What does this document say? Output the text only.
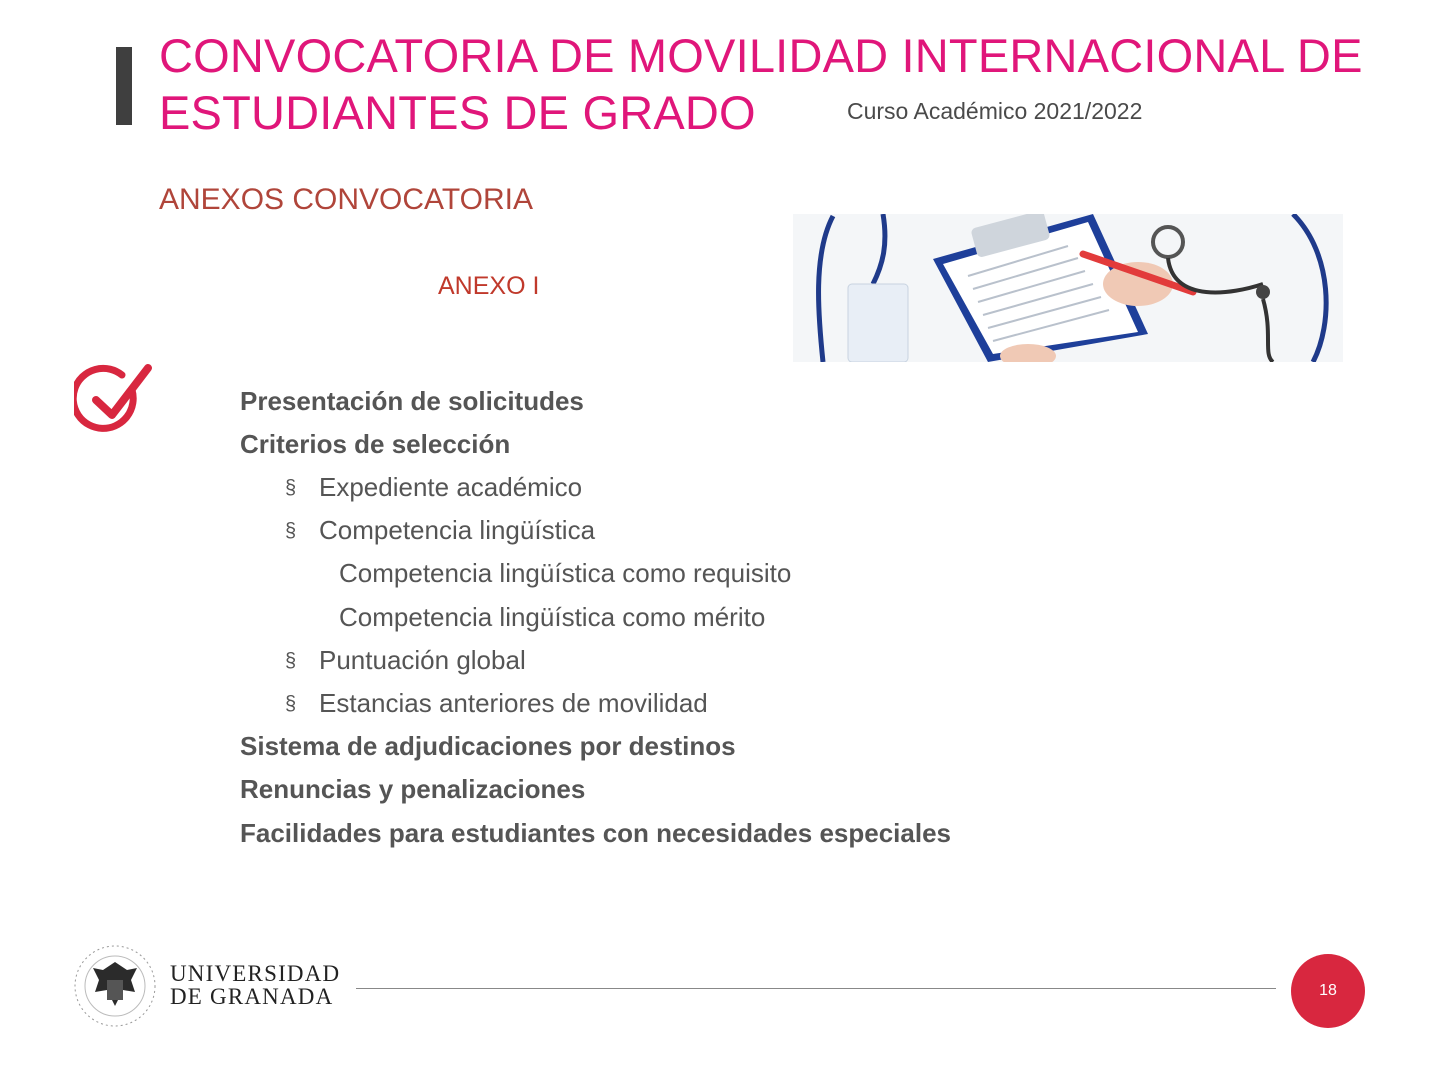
CONVOCATORIA DE MOVILIDAD INTERNACIONAL DE
ESTUDIANTES DE GRADO	Curso Académico 2021/2022
ANEXOS CONVOCATORIA
ANEXO I
Presentación de solicitudes
Criterios de selección
§ Expediente académico
§ Competencia lingüística
Competencia lingüística como requisito
Competencia lingüística como mérito
§ Puntuación global
§ Estancias anteriores de movilidad
Sistema de adjudicaciones por destinos
Renuncias y penalizaciones
Facilidades para estudiantes con necesidades especiales
UNIVERSIDAD
DE GRANADA	18
